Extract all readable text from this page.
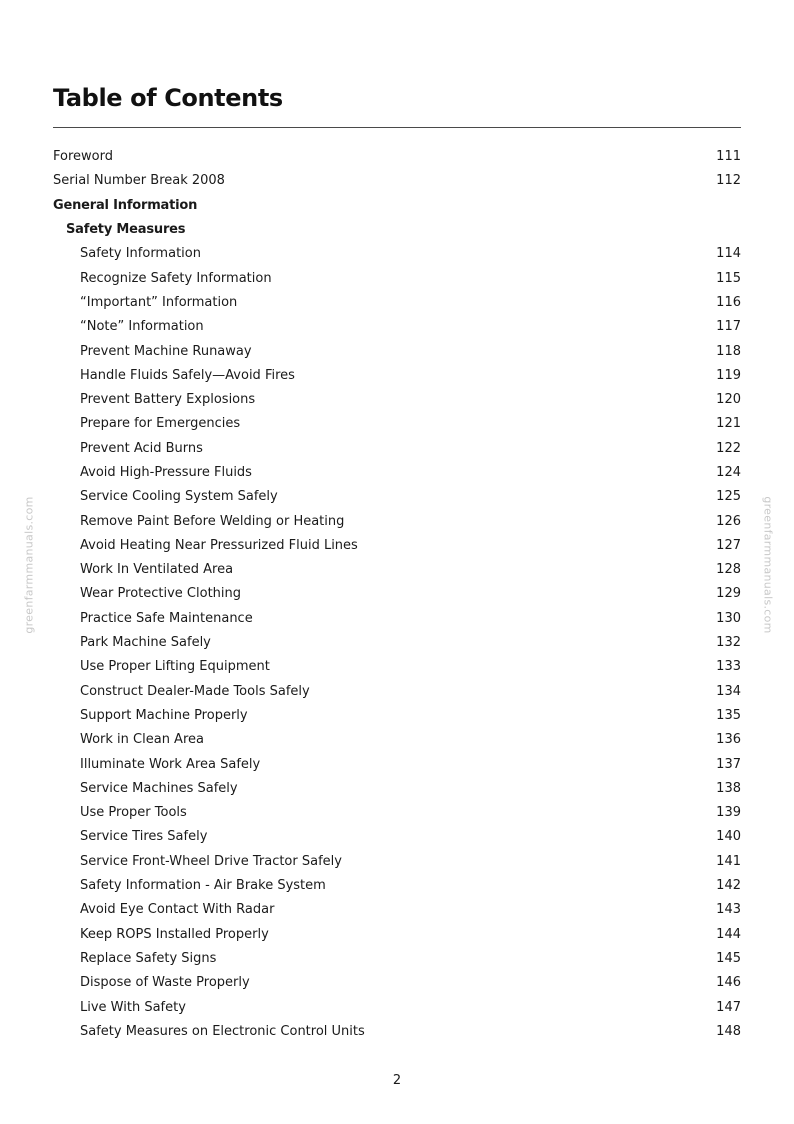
Table of Contents
Foreword	111
Serial Number Break 2008	112
General Information
Safety Measures
Safety Information	114
Recognize Safety Information	115
“Important” Information	116
“Note” Information	117
Prevent Machine Runaway	118
Handle Fluids Safely—Avoid Fires	119
Prevent Battery Explosions	120
Prepare for Emergencies	121
Prevent Acid Burns	122
Avoid High-Pressure Fluids	124
Service Cooling System Safely	125
Remove Paint Before Welding or Heating	126
Avoid Heating Near Pressurized Fluid Lines	127
Work In Ventilated Area	128
Wear Protective Clothing	129
Practice Safe Maintenance	130
Park Machine Safely	132
Use Proper Lifting Equipment	133
Construct Dealer-Made Tools Safely	134
Support Machine Properly	135
Work in Clean Area	136
Illuminate Work Area Safely	137
Service Machines Safely	138
Use Proper Tools	139
Service Tires Safely	140
Service Front-Wheel Drive Tractor Safely	141
Safety Information - Air Brake System	142
Avoid Eye Contact With Radar	143
Keep ROPS Installed Properly	144
Replace Safety Signs	145
Dispose of Waste Properly	146
Live With Safety	147
Safety Measures on Electronic Control Units	148
greenfarmmanuals.com	greenfarmmanuals.com
2
